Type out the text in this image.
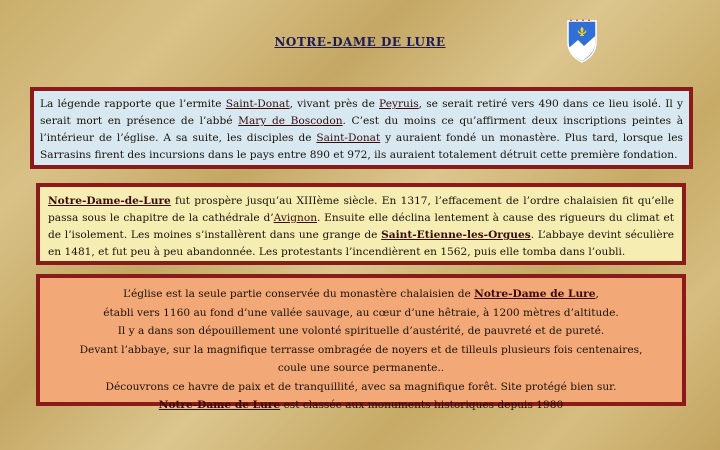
NOTRE-DAME DE LURE

La légende rapporte que l’ermite Saint-Donat, vivant près de Peyruis, se serait retiré vers 490 dans ce lieu isolé. Il y serait mort en présence de l’abbé Mary de Boscodon. C’est du moins ce qu’affirment deux inscriptions peintes à l’intérieur de l’église. A sa suite, les disciples de Saint-Donat y auraient fondé un monastère. Plus tard, lorsque les Sarrasins firent des incursions dans le pays entre 890 et 972, ils auraient totalement détruit cette première fondation.

Notre-Dame-de-Lure fut prospère jusqu’au XIIIème siècle. En 1317, l’effacement de l’ordre chalaisien fit qu’elle passa sous le chapitre de la cathédrale d’Avignon. Ensuite elle déclina lentement à cause des rigueurs du climat et de l’isolement. Les moines s’installèrent dans une grange de Saint-Etienne-les-Orgues. L’abbaye devint séculière en 1481, et fut peu à peu abandonnée. Les protestants l’incendièrent en 1562, puis elle tomba dans l’oubli.

L’église est la seule partie conservée du monastère chalaisien de Notre-Dame de Lure,
établi vers 1160 au fond d’une vallée sauvage, au cœur d’une hêtraie, à 1200 mètres d’altitude.
Il y a dans son dépouillement une volonté spirituelle d’austérité, de pauvreté et de pureté.
Devant l’abbaye, sur la magnifique terrasse ombragée de noyers et de tilleuls plusieurs fois centenaires,
coule une source permanente..
Découvrons ce havre de paix et de tranquillité, avec sa magnifique forêt. Site protégé bien sur.
Notre-Dame de Lure est classée aux monuments historiques depuis 1980
